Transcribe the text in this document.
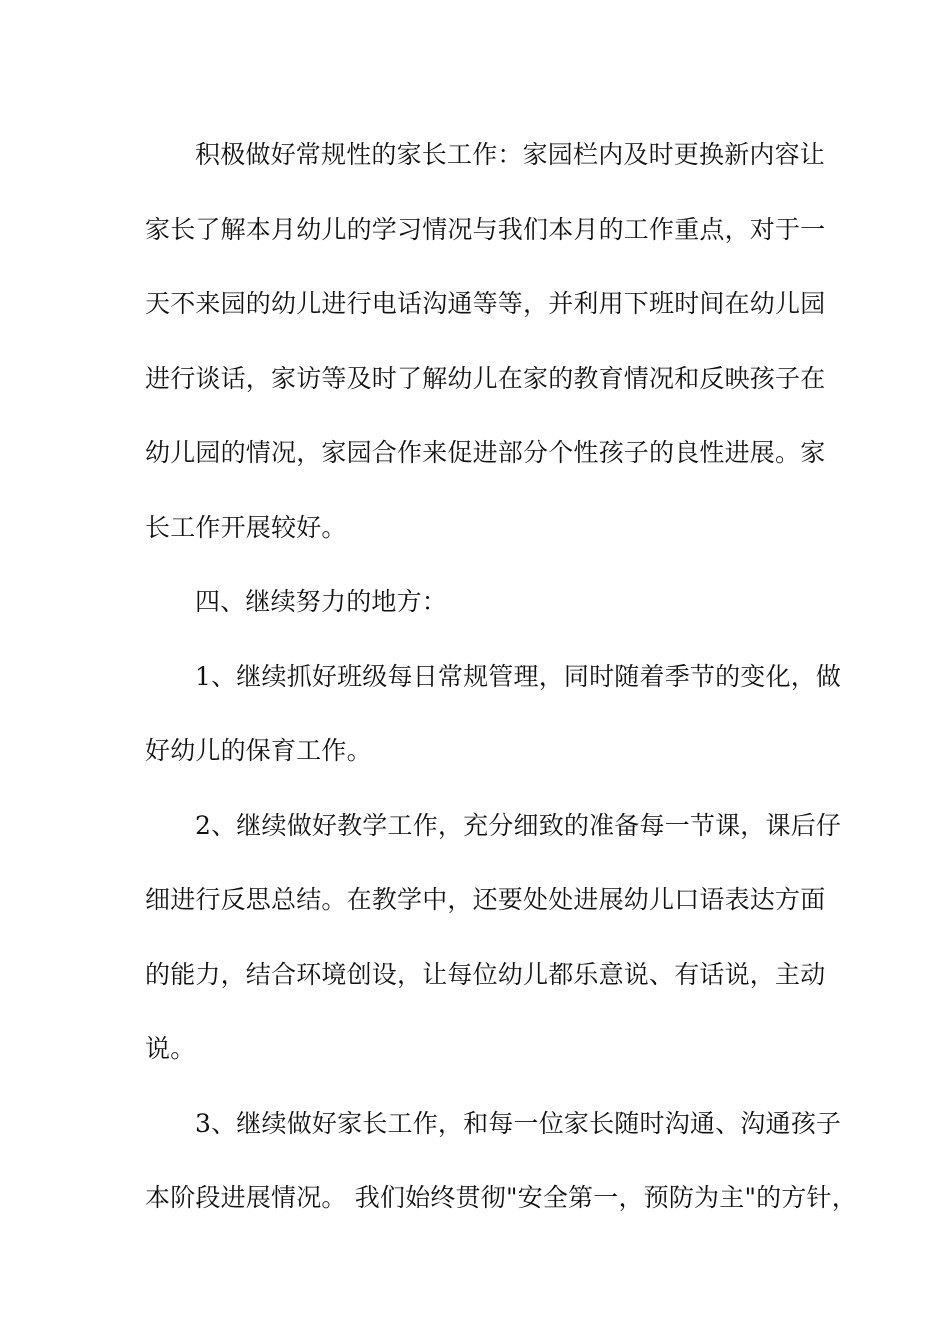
积极做好常规性的家长工作：家园栏内及时更换新内容让
家长了解本月幼儿的学习情况与我们本月的工作重点，对于一
天不来园的幼儿进行电话沟通等等，并利用下班时间在幼儿园
进行谈话，家访等及时了解幼儿在家的教育情况和反映孩子在
幼儿园的情况，家园合作来促进部分个性孩子的良性进展。家
长工作开展较好。
四、继续努力的地方：
1、继续抓好班级每日常规管理，同时随着季节的变化，做
好幼儿的保育工作。
2、继续做好教学工作，充分细致的准备每一节课，课后仔
细进行反思总结。在教学中，还要处处进展幼儿口语表达方面
的能力，结合环境创设，让每位幼儿都乐意说、有话说，主动
说。
3、继续做好家长工作，和每一位家长随时沟通、沟通孩子
本阶段进展情况。 我们始终贯彻"安全第一，预防为主"的方针，
